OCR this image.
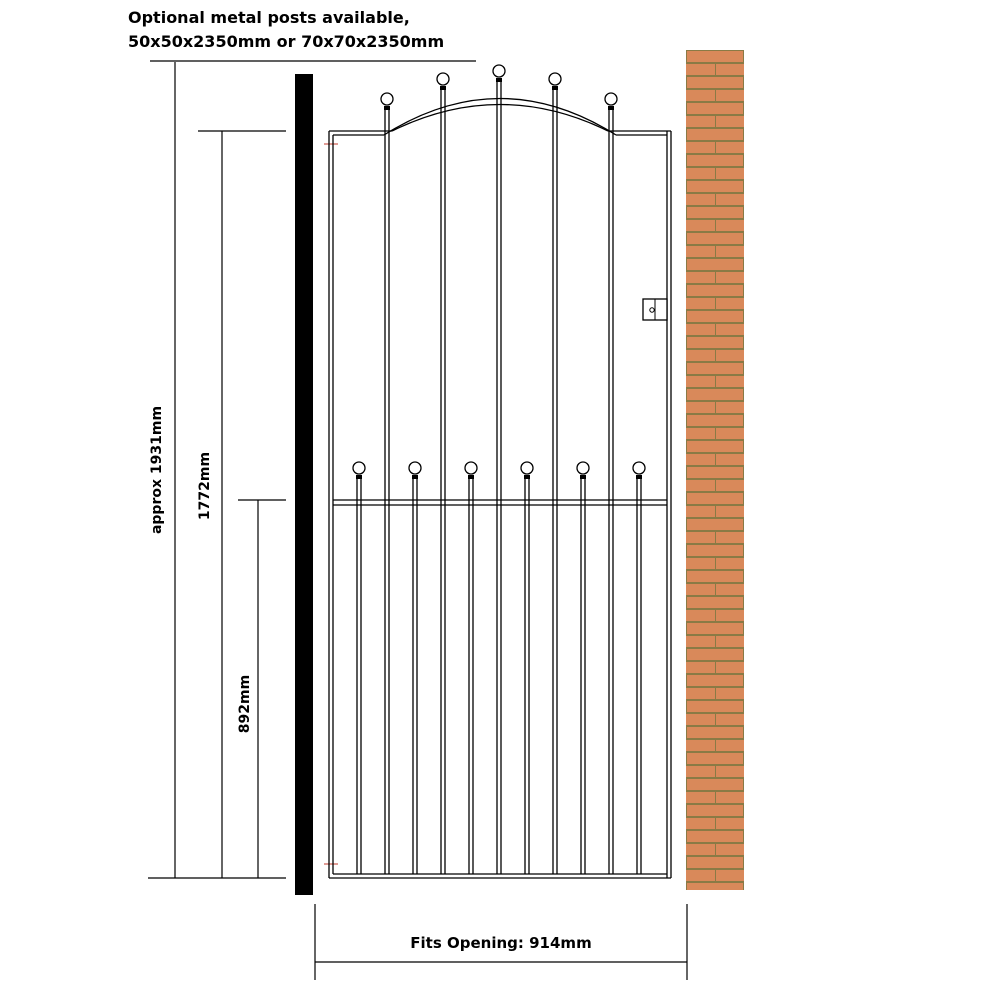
Optional metal posts available,
50x50x2350mm or 70x70x2350mm
approx 1931mm 1772mm
892mm
Fits Opening: 914mm
